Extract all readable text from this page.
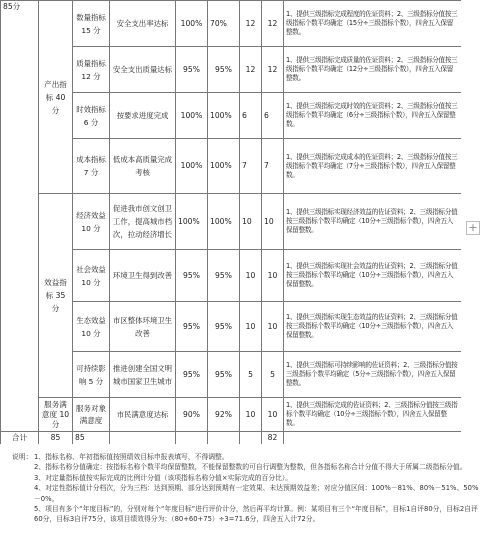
85分	产出指标 40 分	数量指标 15 分	安全支出率达标	100%	70%	12	12	1、提供三级指标完成程度的佐证资料；2、三级指标分值按三级指标个数平均确定（15分÷三级指标个数），四舍五入保留整数。
		质量指标 12 分	安全支出质量达标	95%	95%	12	12	1、提供三级指标完成质量的佐证资料；2、三级指标分值按三级指标个数平均确定（12分÷三级指标个数），四舍五入保留整数。
		时效指标 6 分	按要求进度完成	100%	100%	6	6	1、提供三级指标完成时效的佐证资料；2、三级指标分值按三级指标个数平均确定（6分÷三级指标个数），四舍五入保留整数。
		成本指标 7 分	低成本高质量完成考核	100%	100%	7	7	1、提供三级指标完成成本的佐证资料；2、三级指标分值按三级指标个数平均确定（7分÷三级指标个数），四舍五入保留整数。
	效益指标 35 分	经济效益 10 分	促进我市创文创卫工作，提高城市档次，拉动经济增长	100%	100%	10	10	1、提供三级指标实现经济效益的佐证资料；2、三级指标分值按三级指标个数平均确定（10分÷三级指标个数），四舍五入保留整数。
		社会效益 10 分	环境卫生得到改善	95%	95%	10	10	1、提供三级指标实现社会效益的佐证资料；2、三级指标分值按三级指标个数平均确定（10分÷三级指标个数），四舍五入保留整数。
		生态效益 10 分	市区整体环境卫生改善	95%	95%	10	10	1、提供三级指标实现生态效益的佐证资料；2、三级指标分值按三级指标个数平均确定（10分÷三级指标个数），四舍五入保留整数。
		可持续影响 5 分	推进创建全国文明城市国家卫生城市	95%	95%	5	5	1、提供三级指标可持续影响的佐证资料；2、三级指标分值按三级指标个数平均确定（5分÷三级指标个数），四舍五入保留整数。

	服务满意度 10 分	服务对象满意度	市民满意度达标	90%	92%	10	10	1、提供三级指标完成的佐证资料；2、三级指标分值按三级指标个数平均确定（10分÷三级指标个数），四舍五入保留整数。
合计	85	85					82	
+
说明： 1、指标名称、年初指标值按照绩效目标申报表填写，不得调整。
2、指标名称分值确定：按指标名称个数平均保留整数，不能保留整数的可自行调整为整数，但各指标名称合计分值不得大于所属二级指标分值。
3、对定量指标值按实际完成的比例计分值（该项指标名称分值×实际完成的百分比）。
4、对定性指标值计分档次，分为三档：达到预期、部分达到预期有一定效果、未达预期效益差；对应分值区间：100%－81%、80%－51%、50%－0%。
5、项目有多个“年度目标”的，分别对每个“年度目标”进行评价计分，然后再平均计算。例：某项目有三个“年度目标”，目标1自评80分，目标2自评60分，目标3自评75分，该项目绩效得分为：（80+60+75）÷3=71.6分，四舍五入计72分。
